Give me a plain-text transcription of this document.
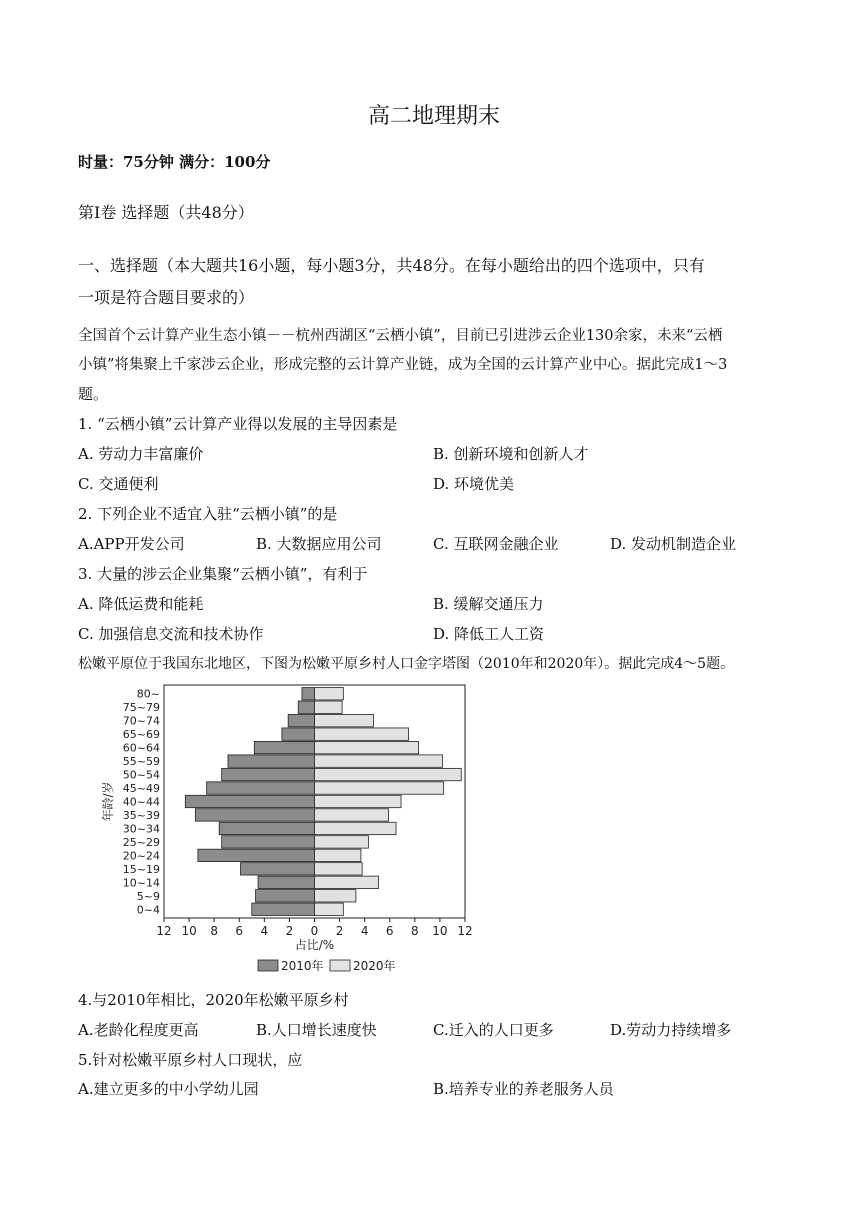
高二地理期末
时量：75分钟 满分：100分
第Ⅰ卷 选择题（共48分）
一、选择题（本大题共16小题，每小题3分，共48分。在每小题给出的四个选项中，只有
一项是符合题目要求的）
全国首个云计算产业生态小镇－－杭州西湖区“云栖小镇”，目前已引进涉云企业130余家，未来“云栖
小镇”将集聚上千家涉云企业，形成完整的云计算产业链，成为全国的云计算产业中心。据此完成1～3
题。
1. “云栖小镇”云计算产业得以发展的主导因素是
A. 劳动力丰富廉价	B. 创新环境和创新人才
C. 交通便利	D. 环境优美
2. 下列企业不适宜入驻“云栖小镇”的是
A.APP开发公司	B. 大数据应用公司	C. 互联网金融企业	D. 发动机制造企业
3. 大量的涉云企业集聚“云栖小镇”，有利于
A. 降低运费和能耗	B. 缓解交通压力
C. 加强信息交流和技术协作	D. 降低工人工资
松嫩平原位于我国东北地区，下图为松嫩平原乡村人口金字塔图（2010年和2020年）。据此完成4～5题。
80~
75~79
70~74
65~69
60~64
55~59
50~54
45~49
40~44
35~39
30~34
25~29
20~24
15~19
10~14
5~9
0~4
12 10 8 6 4 2 0 2 4 6 8 10 12
占比/%
年龄/岁
2010年 2020年
4.与2010年相比，2020年松嫩平原乡村
A.老龄化程度更高	B.人口增长速度快	C.迁入的人口更多	D.劳动力持续增多
5.针对松嫩平原乡村人口现状，应
A.建立更多的中小学幼儿园	B.培养专业的养老服务人员
